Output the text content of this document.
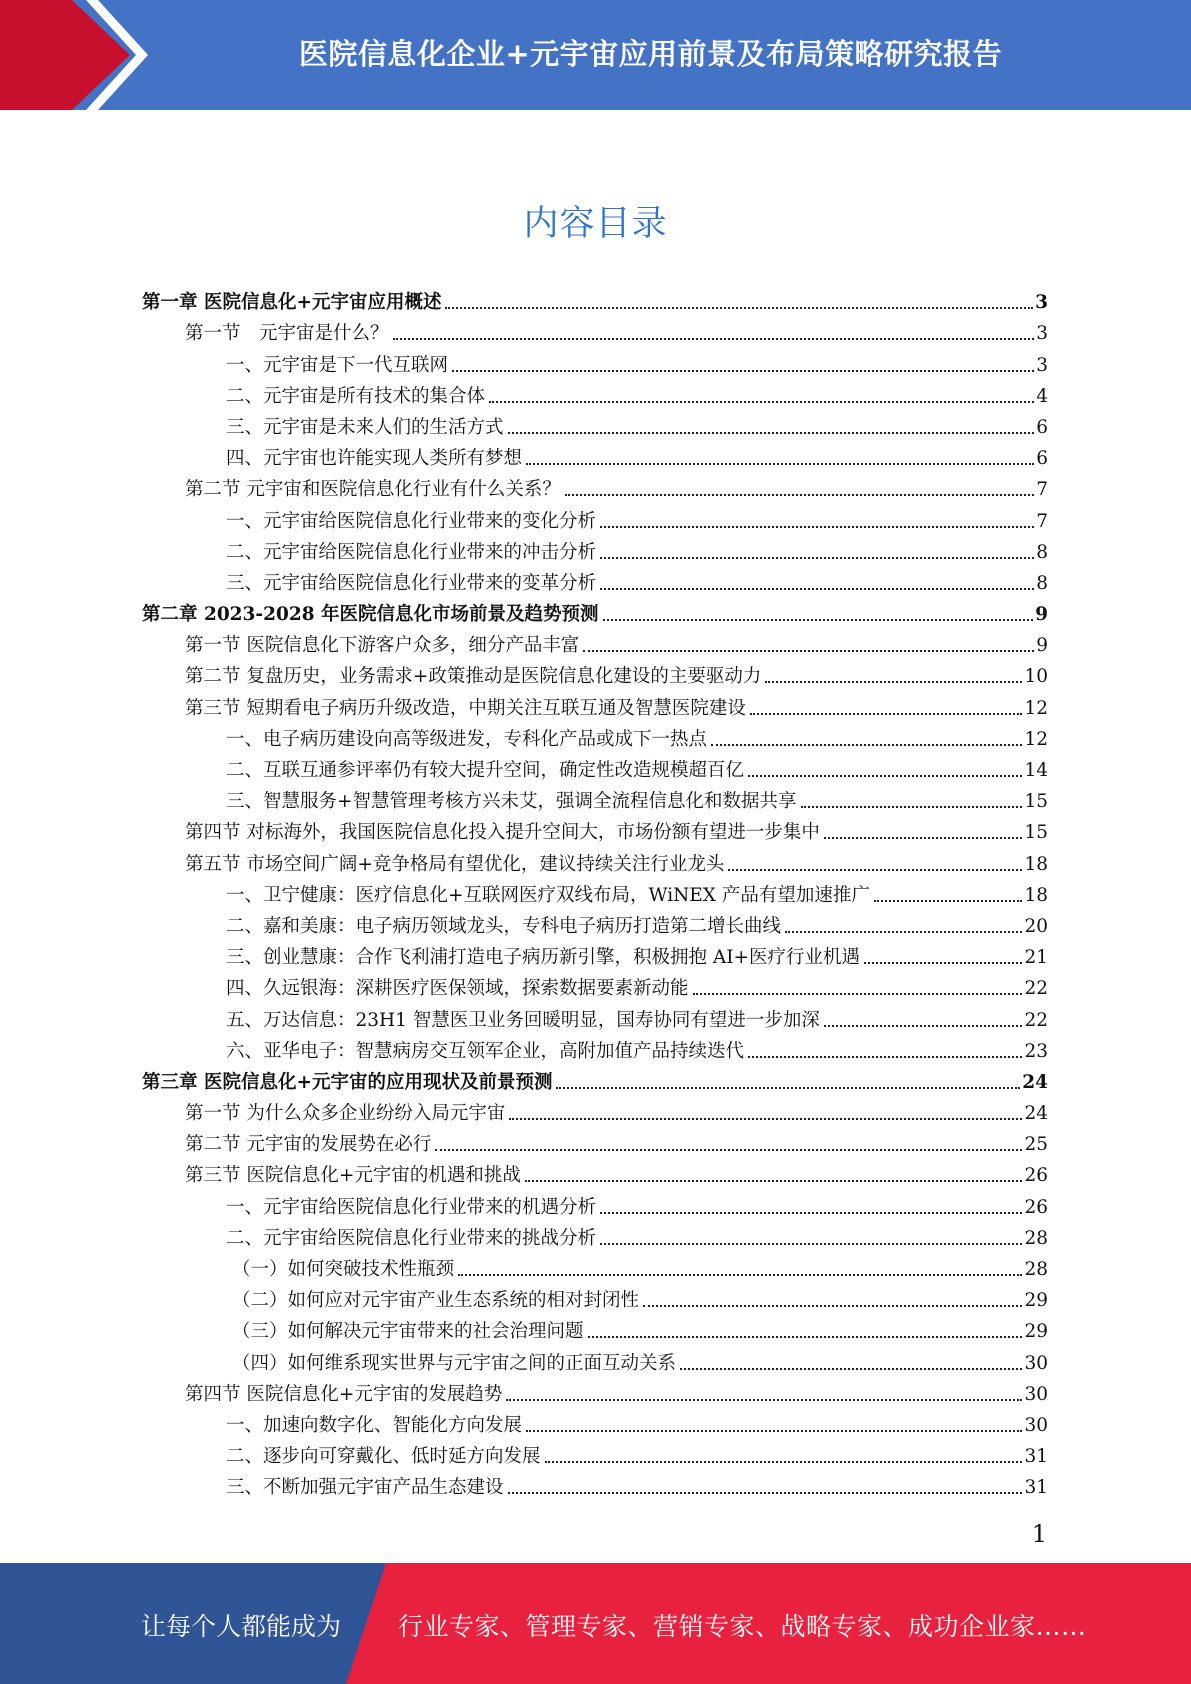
医院信息化企业+元宇宙应用前景及布局策略研究报告
内容目录
第一章 医院信息化+元宇宙应用概述	3
第一节　元宇宙是什么？	3
一、元宇宙是下一代互联网	3
二、元宇宙是所有技术的集合体	4
三、元宇宙是未来人们的生活方式	6
四、元宇宙也许能实现人类所有梦想	6
第二节 元宇宙和医院信息化行业有什么关系？	7
一、元宇宙给医院信息化行业带来的变化分析	7
二、元宇宙给医院信息化行业带来的冲击分析	8
三、元宇宙给医院信息化行业带来的变革分析	8
第二章 2023-2028 年医院信息化市场前景及趋势预测	9
第一节 医院信息化下游客户众多，细分产品丰富	9
第二节 复盘历史，业务需求+政策推动是医院信息化建设的主要驱动力	10
第三节 短期看电子病历升级改造，中期关注互联互通及智慧医院建设	12
一、电子病历建设向高等级进发，专科化产品或成下一热点	12
二、互联互通参评率仍有较大提升空间，确定性改造规模超百亿	14
三、智慧服务+智慧管理考核方兴未艾，强调全流程信息化和数据共享	15
第四节 对标海外，我国医院信息化投入提升空间大，市场份额有望进一步集中	15
第五节 市场空间广阔+竞争格局有望优化，建议持续关注行业龙头	18
一、卫宁健康：医疗信息化+互联网医疗双线布局，WiNEX 产品有望加速推广	18
二、嘉和美康：电子病历领域龙头，专科电子病历打造第二增长曲线	20
三、创业慧康：合作飞利浦打造电子病历新引擎，积极拥抱 AI+医疗行业机遇	21
四、久远银海：深耕医疗医保领域，探索数据要素新动能	22
五、万达信息：23H1 智慧医卫业务回暖明显，国寿协同有望进一步加深	22
六、亚华电子：智慧病房交互领军企业，高附加值产品持续迭代	23
第三章 医院信息化+元宇宙的应用现状及前景预测	24
第一节 为什么众多企业纷纷入局元宇宙	24
第二节 元宇宙的发展势在必行	25
第三节 医院信息化+元宇宙的机遇和挑战	26
一、元宇宙给医院信息化行业带来的机遇分析	26
二、元宇宙给医院信息化行业带来的挑战分析	28
（一）如何突破技术性瓶颈	28
（二）如何应对元宇宙产业生态系统的相对封闭性	29
（三）如何解决元宇宙带来的社会治理问题	29
（四）如何维系现实世界与元宇宙之间的正面互动关系	30
第四节 医院信息化+元宇宙的发展趋势	30
一、加速向数字化、智能化方向发展	30
二、逐步向可穿戴化、低时延方向发展	31
三、不断加强元宇宙产品生态建设	31
1
让每个人都能成为 行业专家、管理专家、营销专家、战略专家、成功企业家……
